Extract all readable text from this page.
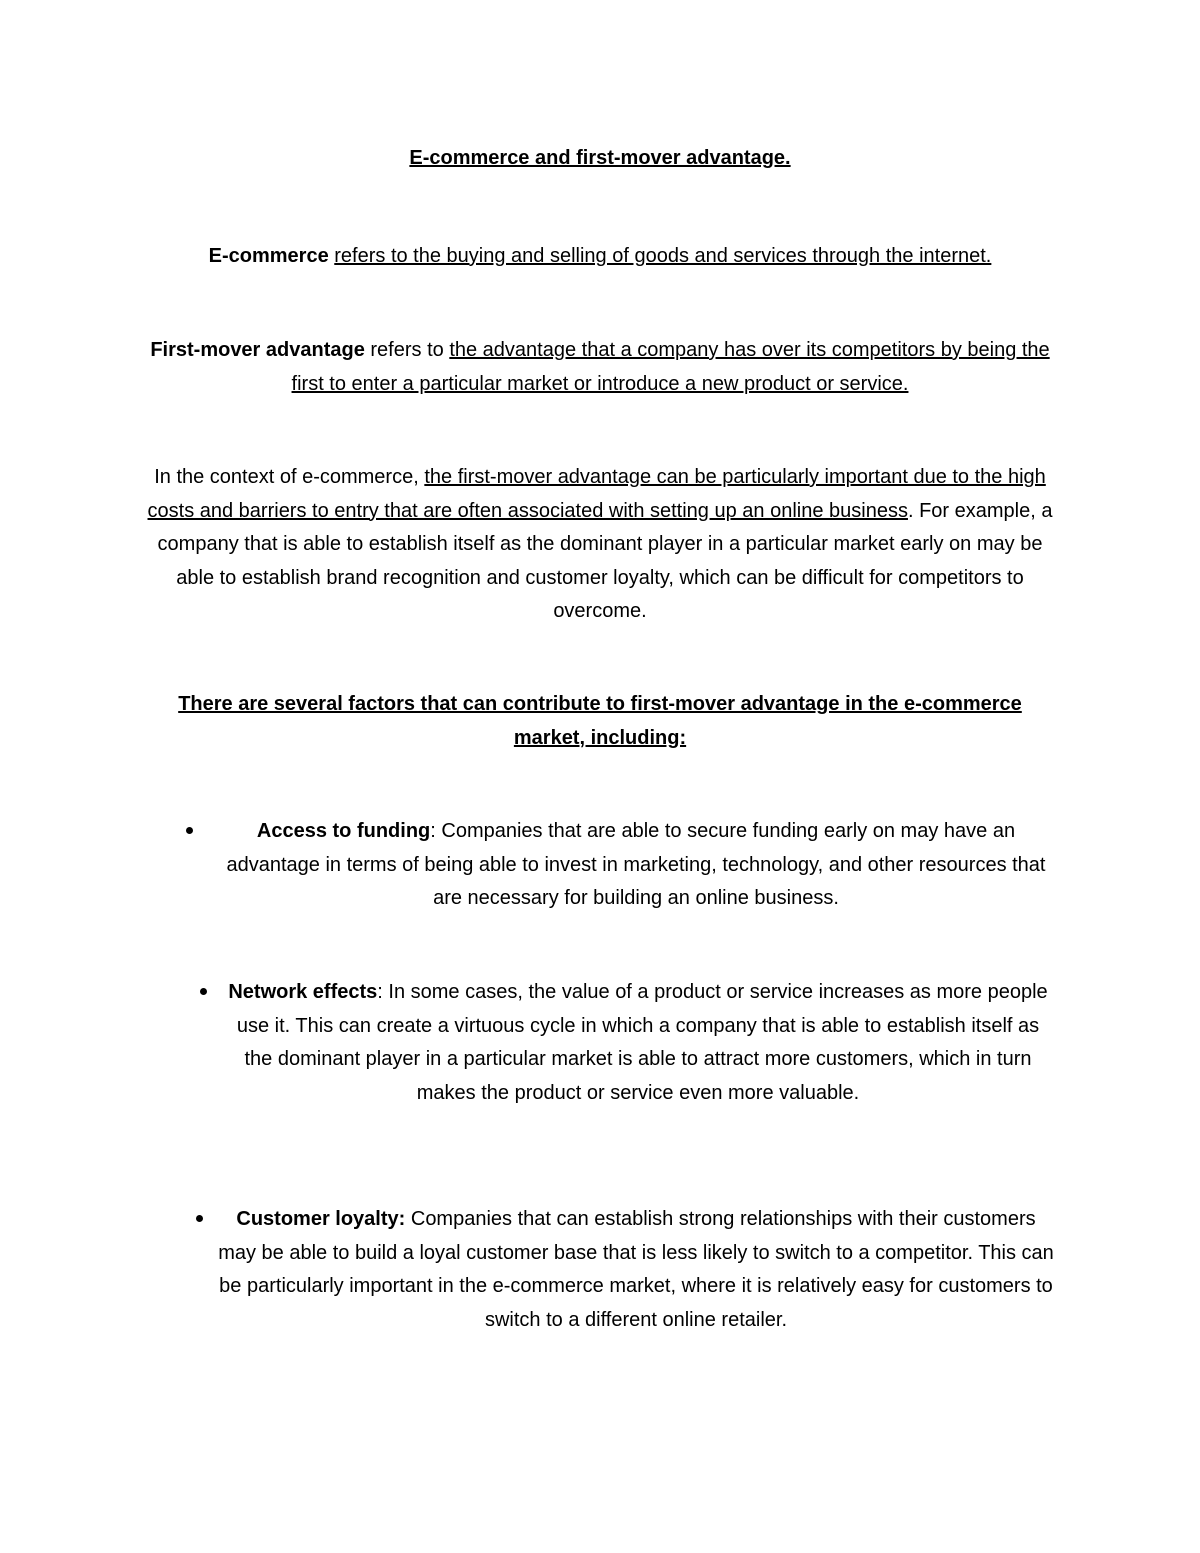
E-commerce and first-mover advantage.

E-commerce refers to the buying and selling of goods and services through the internet.

First-mover advantage refers to the advantage that a company has over its competitors by being the first to enter a particular market or introduce a new product or service.

In the context of e-commerce, the first-mover advantage can be particularly important due to the high costs and barriers to entry that are often associated with setting up an online business. For example, a company that is able to establish itself as the dominant player in a particular market early on may be able to establish brand recognition and customer loyalty, which can be difficult for competitors to overcome.

There are several factors that can contribute to first-mover advantage in the e-commerce market, including:

Access to funding: Companies that are able to secure funding early on may have an advantage in terms of being able to invest in marketing, technology, and other resources that are necessary for building an online business.

Network effects: In some cases, the value of a product or service increases as more people use it. This can create a virtuous cycle in which a company that is able to establish itself as the dominant player in a particular market is able to attract more customers, which in turn makes the product or service even more valuable.

Customer loyalty: Companies that can establish strong relationships with their customers may be able to build a loyal customer base that is less likely to switch to a competitor. This can be particularly important in the e-commerce market, where it is relatively easy for customers to switch to a different online retailer.
